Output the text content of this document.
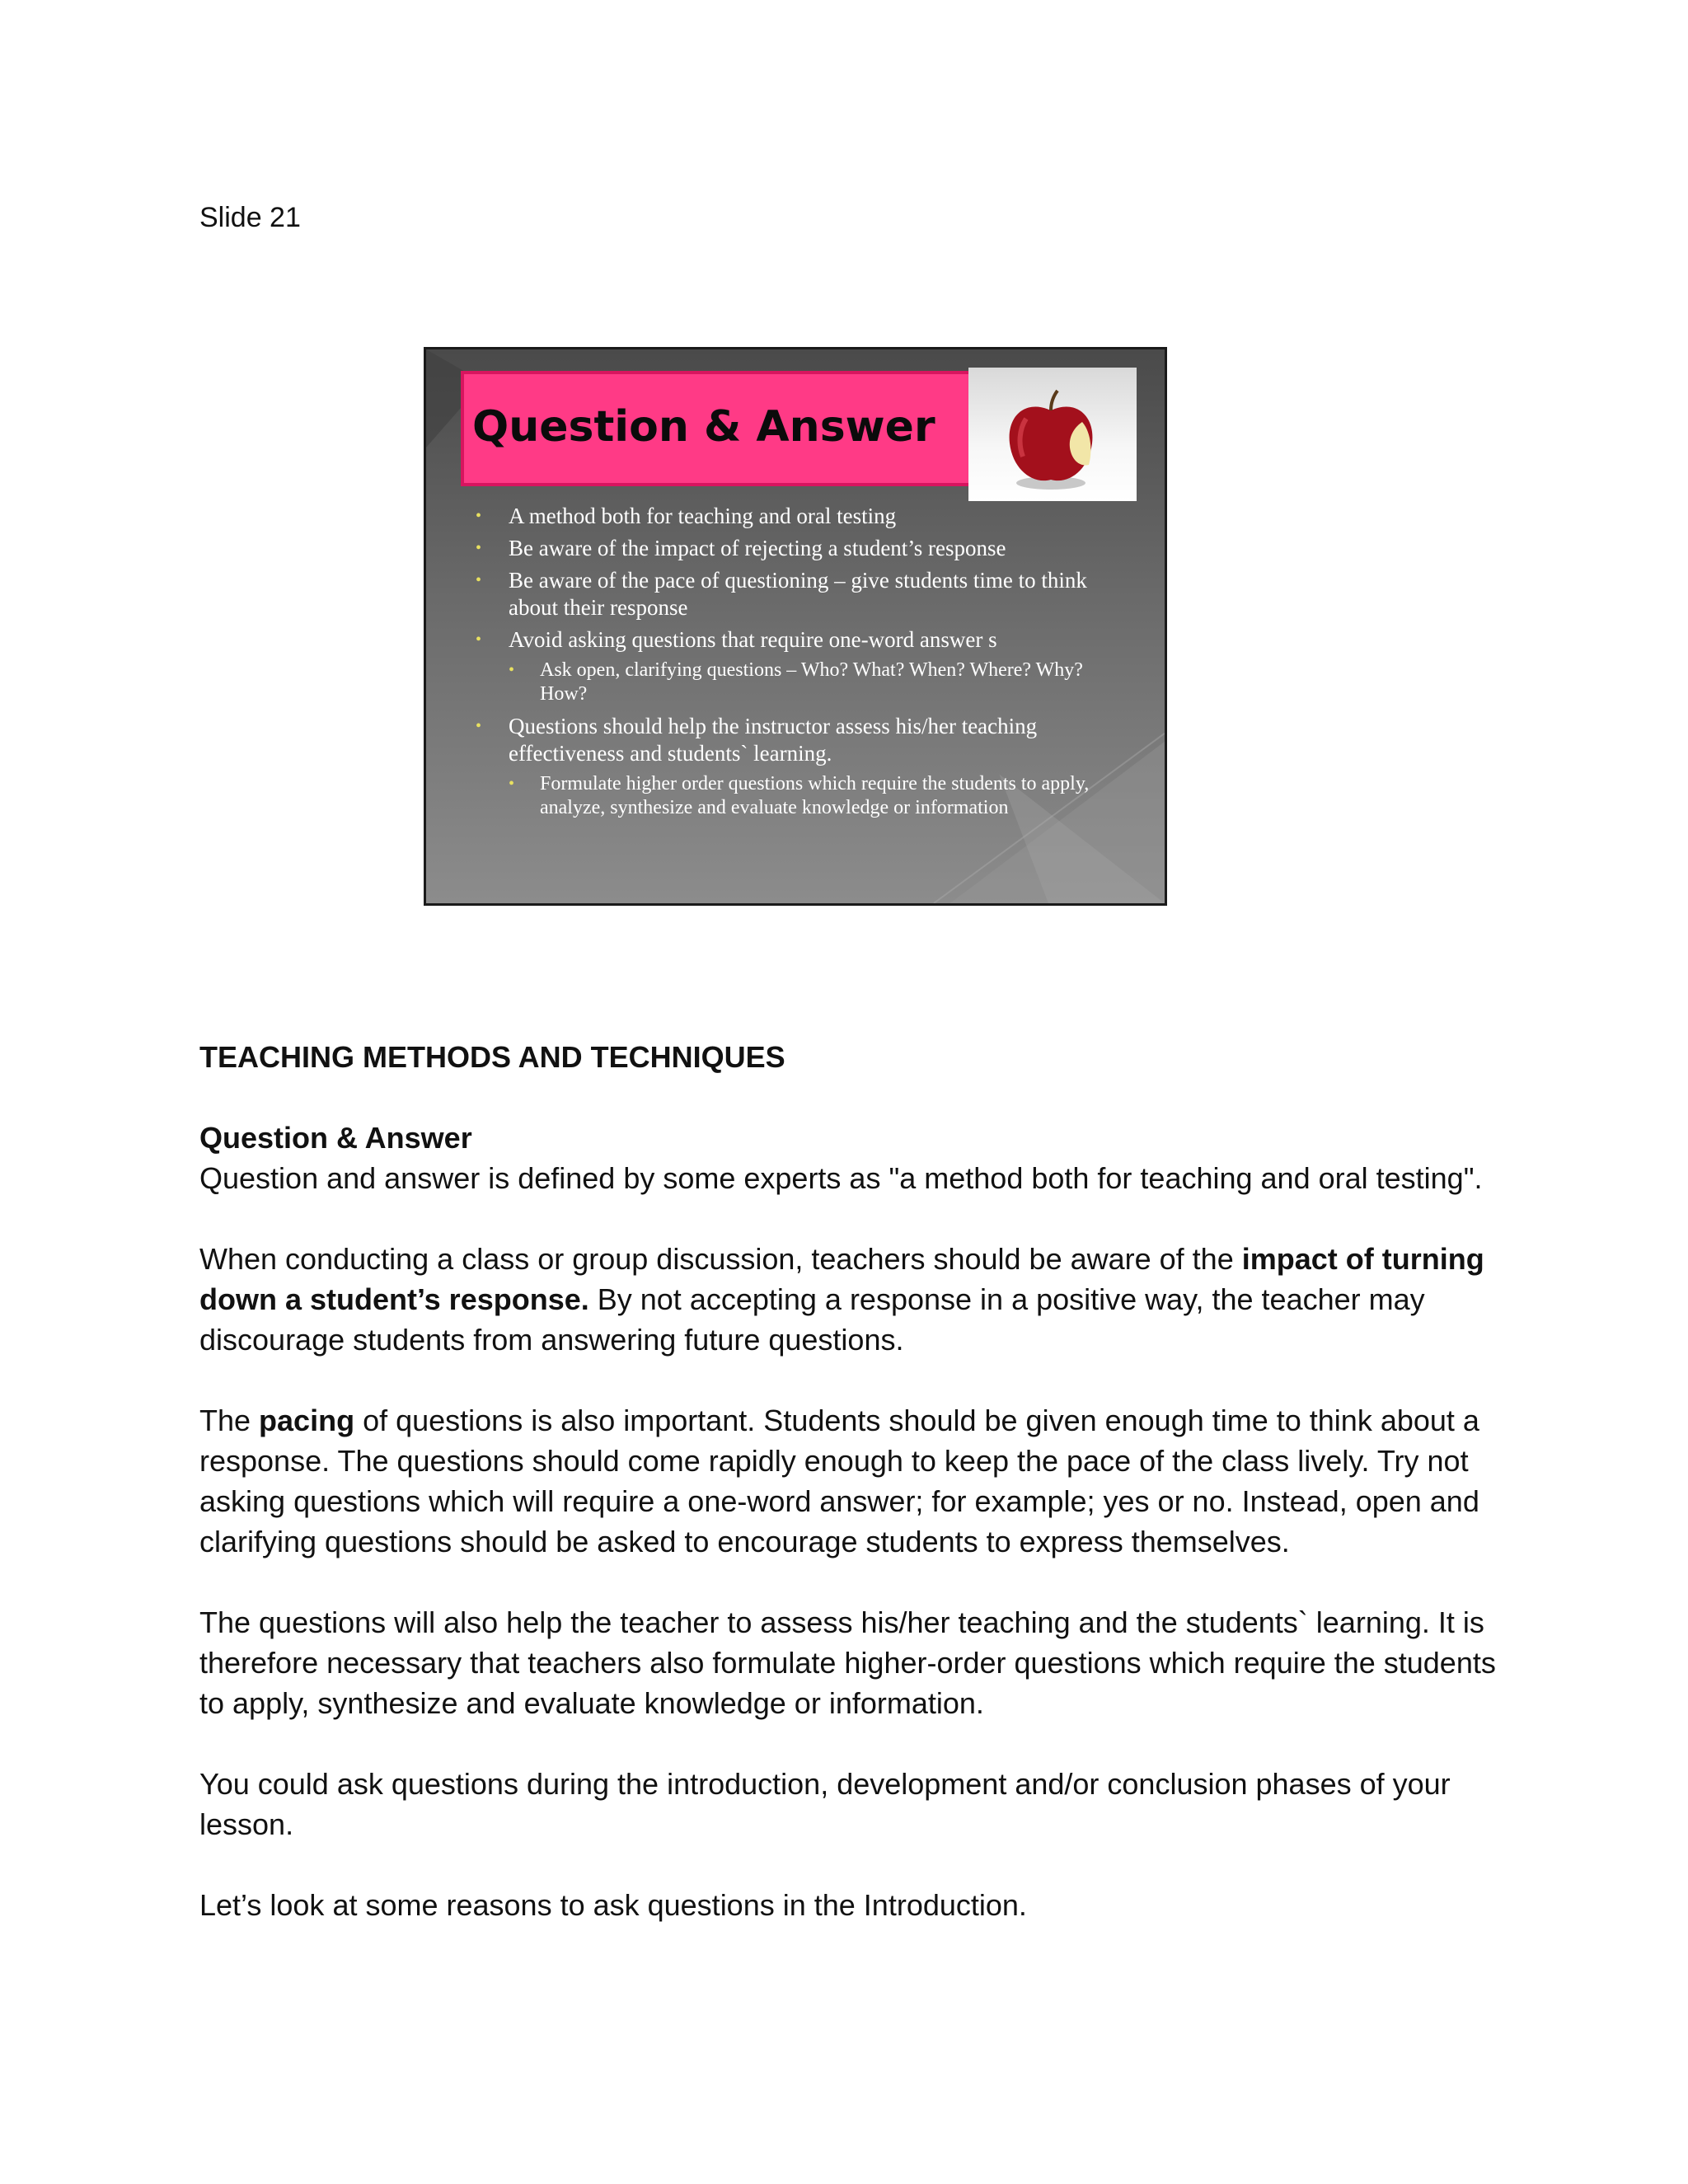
Slide 21
Question & Answer
• A method both for teaching and oral testing
• Be aware of the impact of rejecting a student’s response
• Be aware of the pace of questioning – give students time to think about their response
• Avoid asking questions that require one-word answer s
• Ask open, clarifying questions – Who? What? When? Where? Why? How?
• Questions should help the instructor assess his/her teaching effectiveness and students` learning.
• Formulate higher order questions which require the students to apply, analyze, synthesize and evaluate knowledge or information

TEACHING METHODS AND TECHNIQUES

Question & Answer

Question and answer is defined by some experts as "a method both for teaching and oral testing".

When conducting a class or group discussion, teachers should be aware of the impact of turning down a student’s response. By not accepting a response in a positive way, the teacher may discourage students from answering future questions.

The pacing of questions is also important. Students should be given enough time to think about a response. The questions should come rapidly enough to keep the pace of the class lively. Try not asking questions which will require a one-word answer; for example; yes or no. Instead, open and clarifying questions should be asked to encourage students to express themselves.

The questions will also help the teacher to assess his/her teaching and the students` learning. It is therefore necessary that teachers also formulate higher-order questions which require the students to apply, synthesize and evaluate knowledge or information.

You could ask questions during the introduction, development and/or conclusion phases of your lesson.

Let’s look at some reasons to ask questions in the Introduction.
